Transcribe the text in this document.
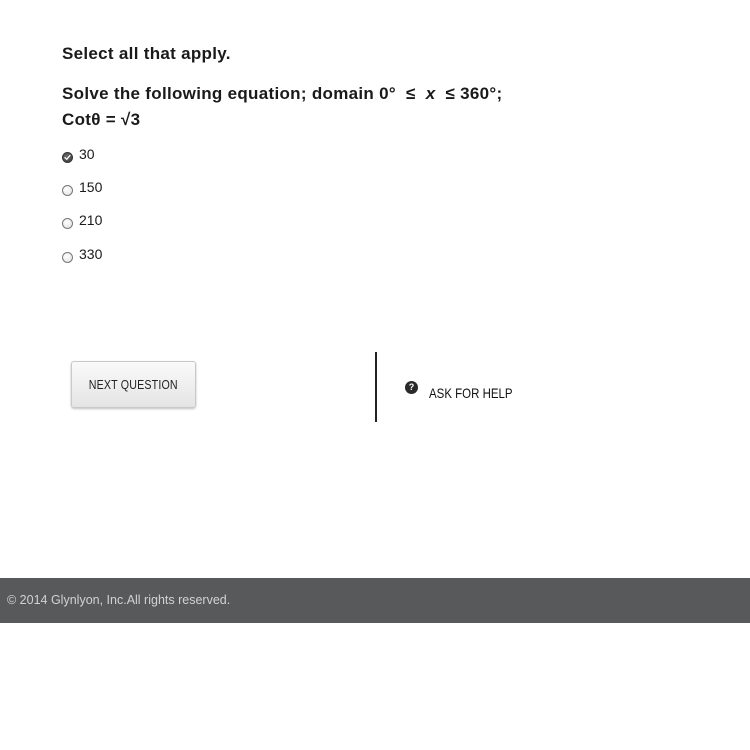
Select all that apply.
Solve the following equation; domain 0°  ≤  x  ≤ 360°;
Cotθ = √3
30
150
210
330
NEXT QUESTION	? ASK FOR HELP
© 2014 Glynlyon, Inc.All rights reserved.
